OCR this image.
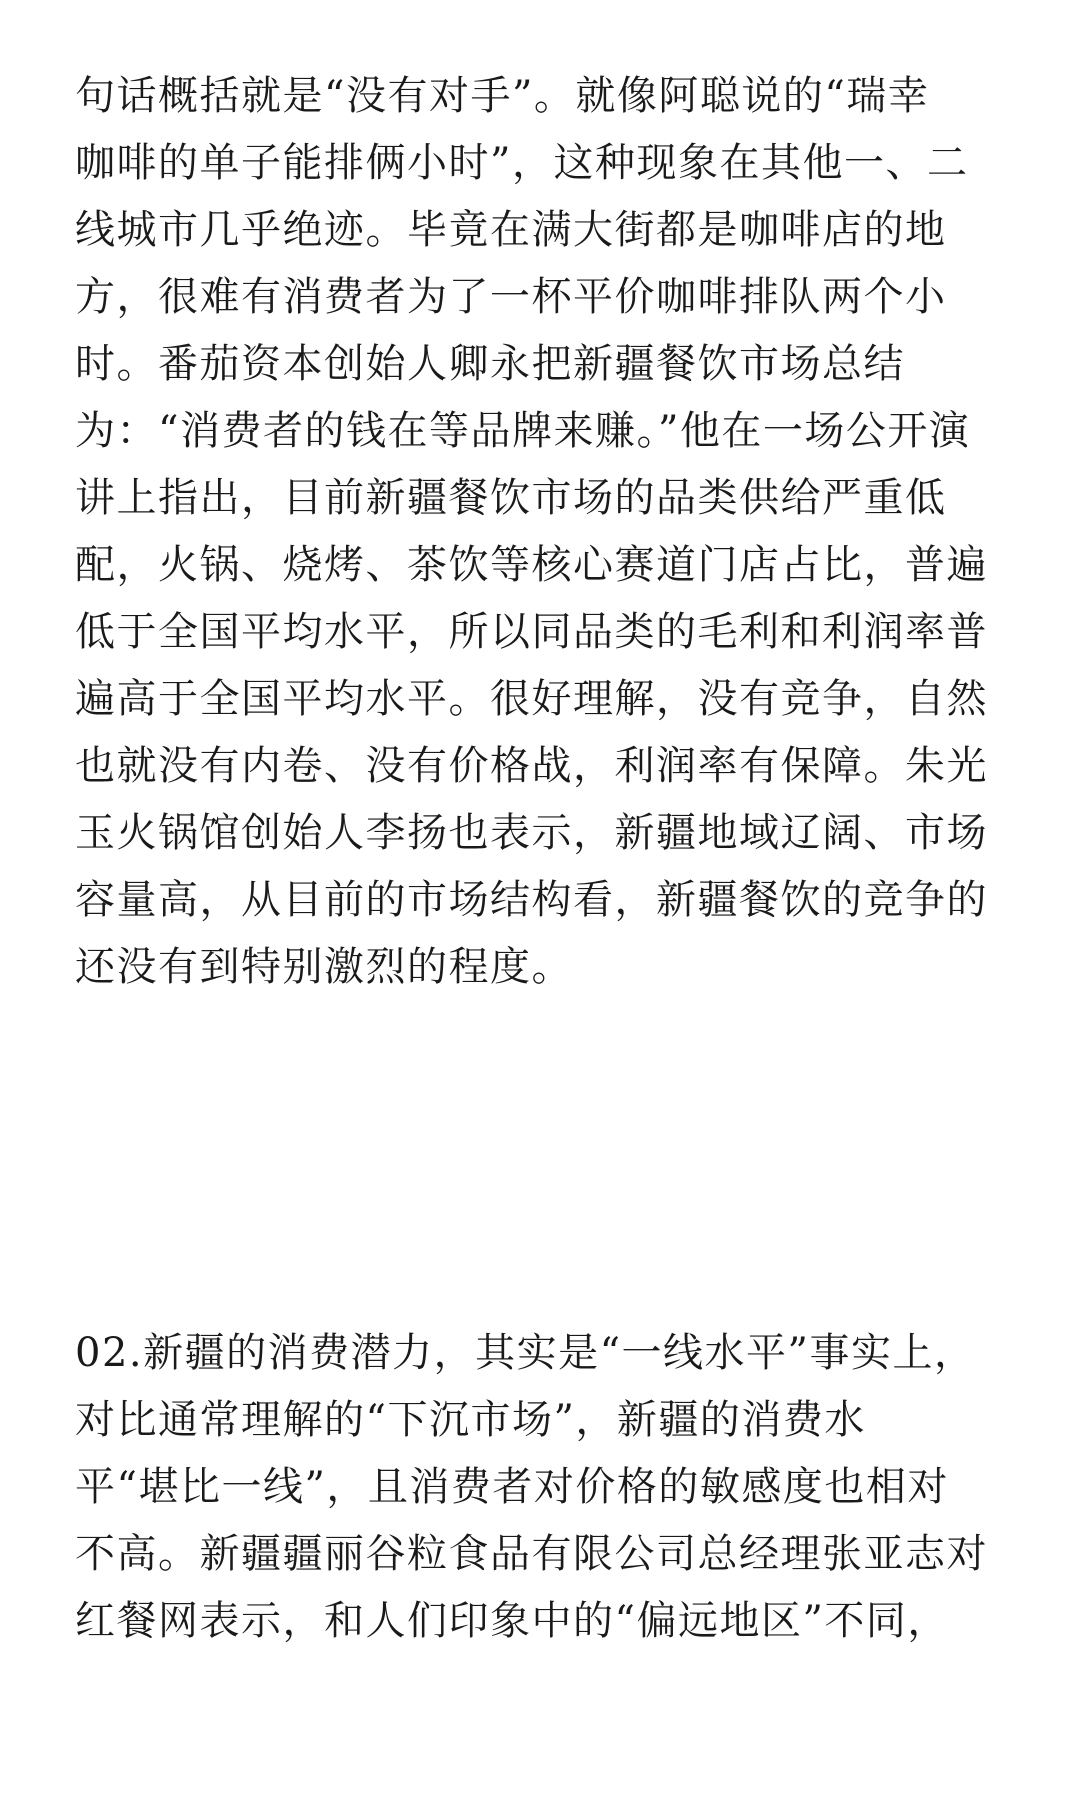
句话概括就是“没有对手”。就像阿聪说的“瑞幸
咖啡的单子能排俩小时”，这种现象在其他一、二
线城市几乎绝迹。毕竟在满大街都是咖啡店的地
方，很难有消费者为了一杯平价咖啡排队两个小
时。番茄资本创始人卿永把新疆餐饮市场总结
为：“消费者的钱在等品牌来赚。”他在一场公开演
讲上指出，目前新疆餐饮市场的品类供给严重低
配，火锅、烧烤、茶饮等核心赛道门店占比，普遍
低于全国平均水平，所以同品类的毛利和利润率普
遍高于全国平均水平。很好理解，没有竞争，自然
也就没有内卷、没有价格战，利润率有保障。朱光
玉火锅馆创始人李扬也表示，新疆地域辽阔、市场
容量高，从目前的市场结构看，新疆餐饮的竞争的
还没有到特别激烈的程度。
02.新疆的消费潜力，其实是“一线水平”事实上，
对比通常理解的“下沉市场”，新疆的消费水
平“堪比一线”，且消费者对价格的敏感度也相对
不高。新疆疆丽谷粒食品有限公司总经理张亚志对
红餐网表示，和人们印象中的“偏远地区”不同，
